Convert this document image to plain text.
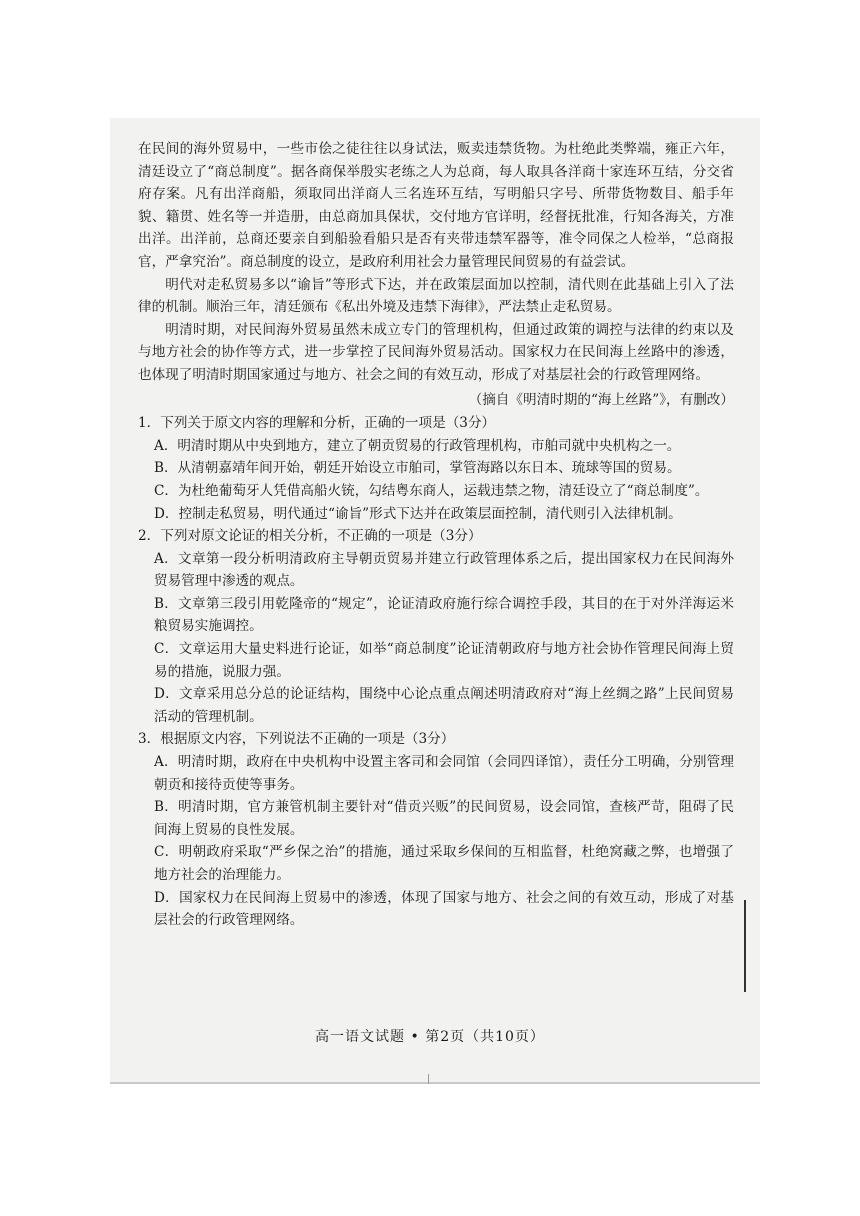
在民间的海外贸易中，一些市侩之徒往往以身试法，贩卖违禁货物。为杜绝此类弊端，雍正六年，清廷设立了“商总制度”。据各商保举殷实老练之人为总商，每人取具各洋商十家连环互结，分交省府存案。凡有出洋商船，须取同出洋商人三名连环互结，写明船只字号、所带货物数目、船手年貌、籍贯、姓名等一并造册，由总商加具保状，交付地方官详明，经督抚批准，行知各海关，方准出洋。出洋前，总商还要亲自到船验看船只是否有夹带违禁军器等，准令同保之人检举，“总商报官，严拿究治”。商总制度的设立，是政府利用社会力量管理民间贸易的有益尝试。

明代对走私贸易多以“谕旨”等形式下达，并在政策层面加以控制，清代则在此基础上引入了法律的机制。顺治三年，清廷颁布《私出外境及违禁下海律》，严法禁止走私贸易。

明清时期，对民间海外贸易虽然未成立专门的管理机构，但通过政策的调控与法律的约束以及与地方社会的协作等方式，进一步掌控了民间海外贸易活动。国家权力在民间海上丝路中的渗透，也体现了明清时期国家通过与地方、社会之间的有效互动，形成了对基层社会的行政管理网络。

（摘自《明清时期的“海上丝路”》，有删改）

1．下列关于原文内容的理解和分析，正确的一项是（3分）

A．明清时期从中央到地方，建立了朝贡贸易的行政管理机构，市舶司就中央机构之一。

B．从清朝嘉靖年间开始，朝廷开始设立市舶司，掌管海路以东日本、琉球等国的贸易。

C．为杜绝葡萄牙人凭借高船火铳，勾结粤东商人，运载违禁之物，清廷设立了“商总制度”。

D．控制走私贸易，明代通过“谕旨”形式下达并在政策层面控制，清代则引入法律机制。

2．下列对原文论证的相关分析，不正确的一项是（3分）

A．文章第一段分析明清政府主导朝贡贸易并建立行政管理体系之后，提出国家权力在民间海外贸易管理中渗透的观点。

B．文章第三段引用乾隆帝的“规定”，论证清政府施行综合调控手段，其目的在于对外洋海运米粮贸易实施调控。

C．文章运用大量史料进行论证，如举“商总制度”论证清朝政府与地方社会协作管理民间海上贸易的措施，说服力强。

D．文章采用总分总的论证结构，围绕中心论点重点阐述明清政府对“海上丝绸之路”上民间贸易活动的管理机制。

3．根据原文内容，下列说法不正确的一项是（3分）

A．明清时期，政府在中央机构中设置主客司和会同馆（会同四译馆），责任分工明确，分别管理朝贡和接待贡使等事务。

B．明清时期，官方兼管机制主要针对“借贡兴贩”的民间贸易，设会同馆，查核严苛，阻碍了民间海上贸易的良性发展。

C．明朝政府采取“严乡保之治”的措施，通过采取乡保间的互相监督，杜绝窝藏之弊，也增强了地方社会的治理能力。

D．国家权力在民间海上贸易中的渗透，体现了国家与地方、社会之间的有效互动，形成了对基层社会的行政管理网络。

高一语文试题 • 第2页（共10页）
